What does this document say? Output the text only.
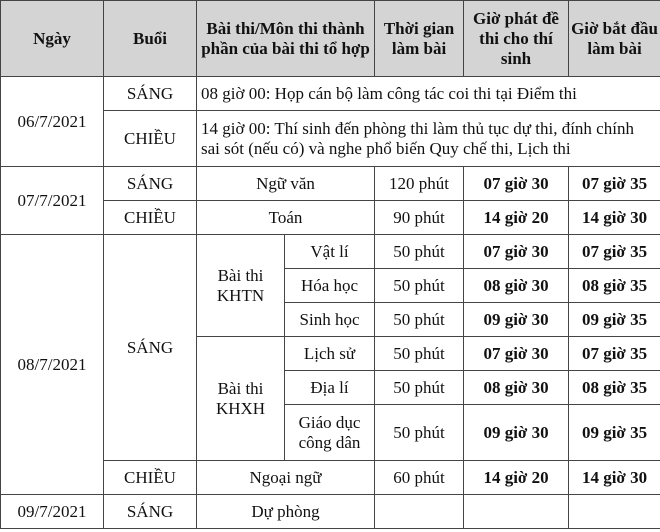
Ngày	Buổi	Bài thi/Môn thi thành phần của bài thi tổ hợp		Thời gian làm bài	Giờ phát đề thi cho thí sinh	Giờ bắt đầu làm bài
06/7/2021	SÁNG	08 giờ 00: Họp cán bộ làm công tác coi thi tại Điểm thi				
	CHIỀU	14 giờ 00: Thí sinh đến phòng thi làm thủ tục dự thi, đính chính sai sót (nếu có) và nghe phổ biến Quy chế thi, Lịch thi				
07/7/2021	SÁNG	Ngữ văn		120 phút	07 giờ 30	07 giờ 35
	CHIỀU	Toán		90 phút	14 giờ 20	14 giờ 30
08/7/2021	SÁNG	Bài thi KHTN	Vật lí	50 phút	07 giờ 30	07 giờ 35
			Hóa học	50 phút	08 giờ 30	08 giờ 35
			Sinh học	50 phút	09 giờ 30	09 giờ 35
		Bài thi KHXH	Lịch sử	50 phút	07 giờ 30	07 giờ 35
			Địa lí	50 phút	08 giờ 30	08 giờ 35
			Giáo dục công dân	50 phút	09 giờ 30	09 giờ 35
	CHIỀU	Ngoại ngữ		60 phút	14 giờ 20	14 giờ 30
09/7/2021	SÁNG	Dự phòng				
